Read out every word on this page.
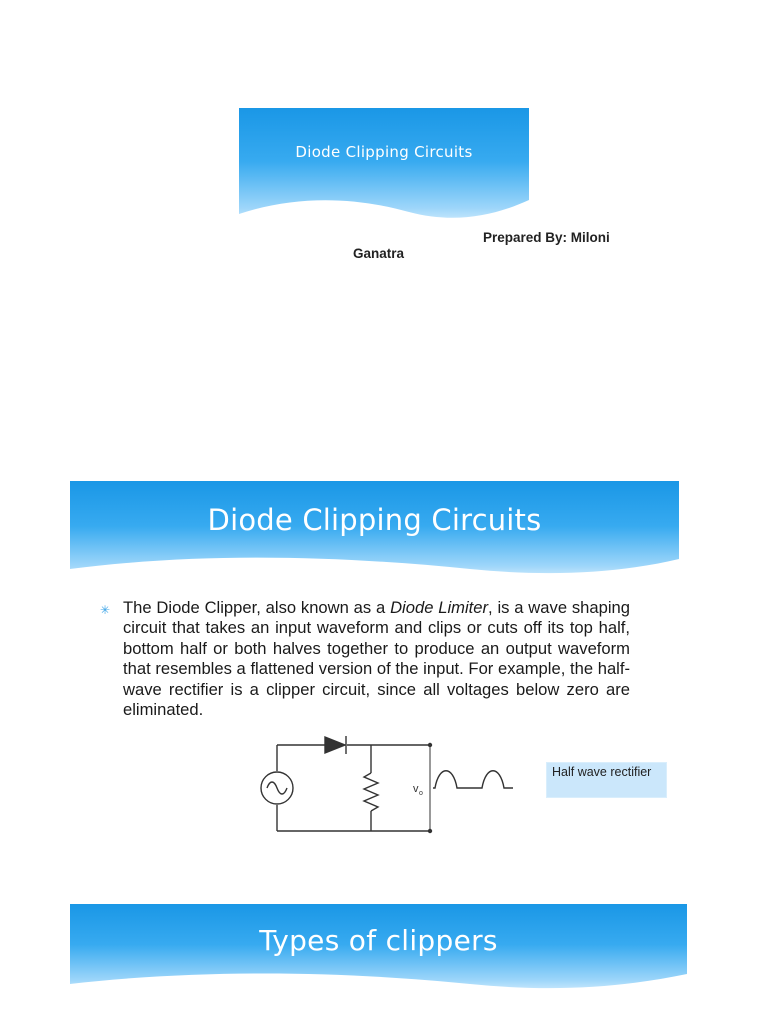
Diode Clipping Circuits
Prepared By: Miloni
Ganatra
Diode Clipping Circuits
✳ The Diode Clipper, also known as a Diode Limiter, is a wave shaping circuit that takes an input waveform and clips or cuts off its top half, bottom half or both halves together to produce an output waveform that resembles a flattened version of the input. For example, the half-wave rectifier is a clipper circuit, since all voltages below zero are eliminated.
v o
Half wave rectifier
Types of clippers
